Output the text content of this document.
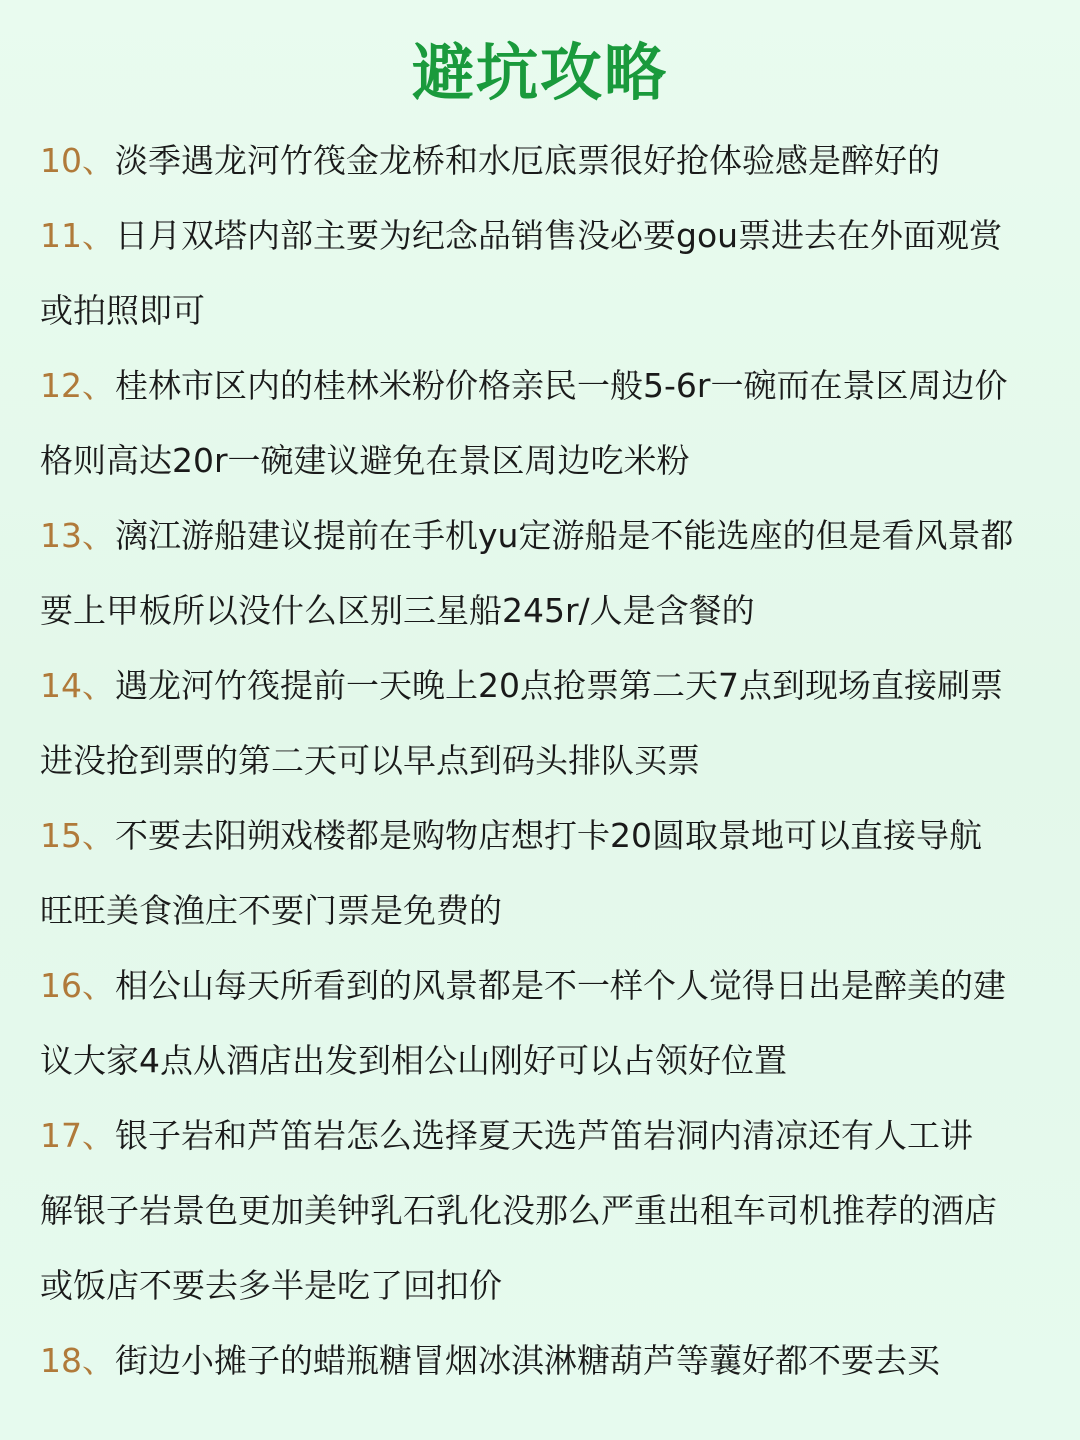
避坑攻略
10、淡季遇龙河竹筏金龙桥和水厄底票很好抢体验感是醉好的
11、日月双塔内部主要为纪念品销售没必要gou票进去在外面观赏
或拍照即可
12、桂林市区内的桂林米粉价格亲民一般5-6r一碗而在景区周边价
格则高达20r一碗建议避免在景区周边吃米粉
13、漓江游船建议提前在手机yu定游船是不能选座的但是看风景都
要上甲板所以没什么区别三星船245r/人是含餐的
14、遇龙河竹筏提前一天晚上20点抢票第二天7点到现场直接刷票
进没抢到票的第二天可以早点到码头排队买票
15、不要去阳朔戏楼都是购物店想打卡20圆取景地可以直接导航
旺旺美食渔庄不要门票是免费的
16、相公山每天所看到的风景都是不一样个人觉得日出是醉美的建
议大家4点从酒店出发到相公山刚好可以占领好位置
17、银子岩和芦笛岩怎么选择夏天选芦笛岩洞内清凉还有人工讲
解银子岩景色更加美钟乳石乳化没那么严重出租车司机推荐的酒店
或饭店不要去多半是吃了回扣价
18、街边小摊子的蜡瓶糖冒烟冰淇淋糖葫芦等蘘好都不要去买
